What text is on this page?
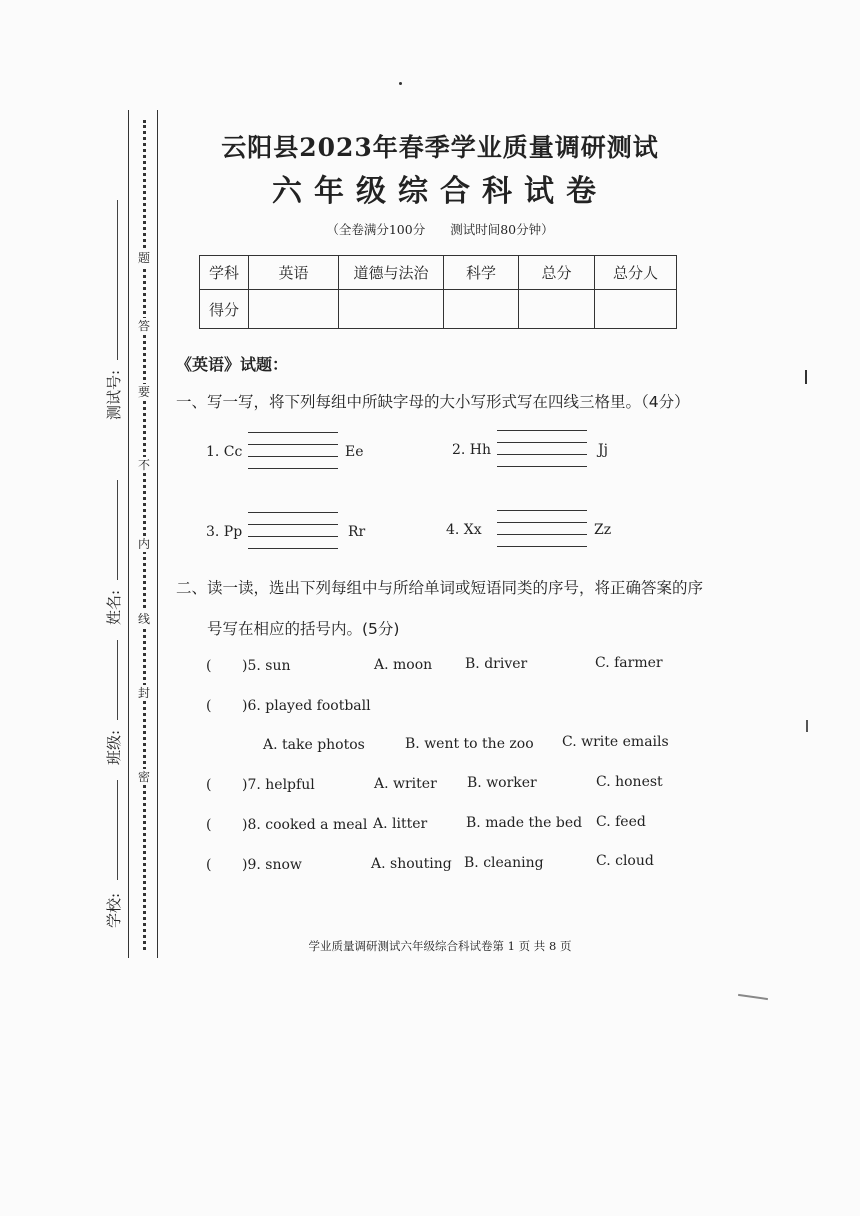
题
答
要
不
内
线
封
密
测试号:
姓名:
班级:
学校:
云阳县2023年春季学业质量调研测试
六年级综合科试卷
（全卷满分100分　　测试时间80分钟）
学科	英语	道德与法治	科学	总分	总分人
得分					
《英语》试题：
一、写一写，将下列每组中所缺字母的大小写形式写在四线三格里。（4分）
1. Cc	Ee	2. Hh	Jj
3. Pp	Rr	4. Xx	Zz
二、读一读，选出下列每组中与所给单词或短语同类的序号，将正确答案的序
号写在相应的括号内。(5分)
( )5. sun	A. moon B. driver	C. farmer
( )6. played football
A. take photos	B. went to the zoo C. write emails
( )7. helpful	A. writer B. worker	C. honest
( )8. cooked a meal A. litter	B. made the bed C. feed
( )9. snow	A. shouting B. cleaning	C. cloud
学业质量调研测试六年级综合科试卷第 1 页 共 8 页
